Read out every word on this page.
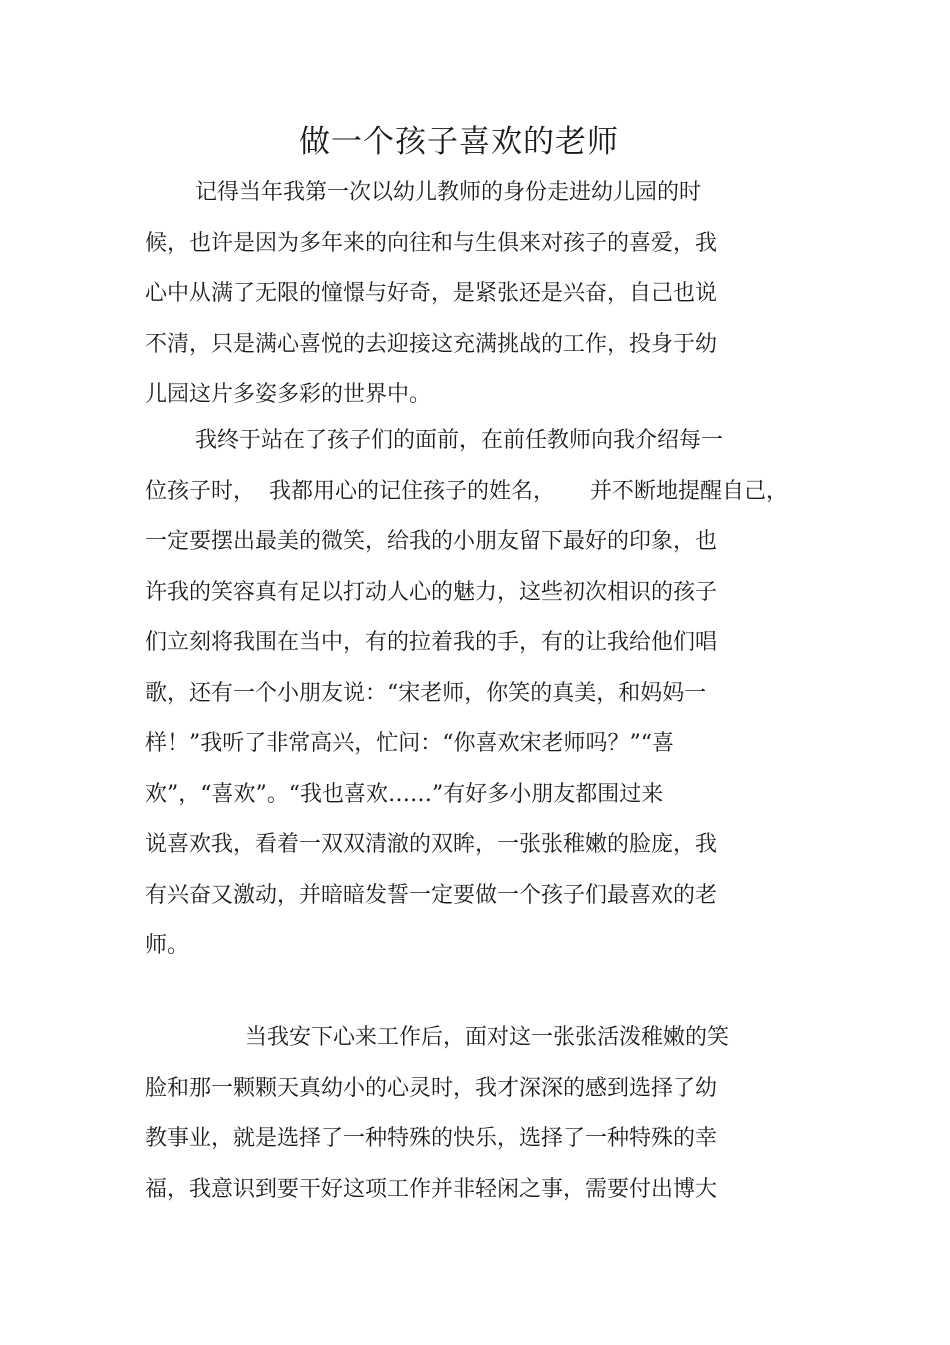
做一个孩子喜欢的老师
记得当年我第一次以幼儿教师的身份走进幼儿园的时
候，也许是因为多年来的向往和与生俱来对孩子的喜爱，我
心中从满了无限的憧憬与好奇，是紧张还是兴奋，自己也说
不清，只是满心喜悦的去迎接这充满挑战的工作，投身于幼
儿园这片多姿多彩的世界中。
我终于站在了孩子们的面前，在前任教师向我介绍每一
位孩子时，  我都用心的记住孩子的姓名，     并不断地提醒自己，
一定要摆出最美的微笑，给我的小朋友留下最好的印象，也
许我的笑容真有足以打动人心的魅力，这些初次相识的孩子
们立刻将我围在当中，有的拉着我的手，有的让我给他们唱
歌，还有一个小朋友说：“宋老师，你笑的真美，和妈妈一
样！”我听了非常高兴，忙问：“你喜欢宋老师吗？”“喜
欢”，“喜欢”。“我也喜欢……”有好多小朋友都围过来
说喜欢我，看着一双双清澈的双眸，一张张稚嫩的脸庞，我
有兴奋又激动，并暗暗发誓一定要做一个孩子们最喜欢的老
师。
当我安下心来工作后，面对这一张张活泼稚嫩的笑
脸和那一颗颗天真幼小的心灵时，我才深深的感到选择了幼
教事业，就是选择了一种特殊的快乐，选择了一种特殊的幸
福，我意识到要干好这项工作并非轻闲之事，需要付出博大
